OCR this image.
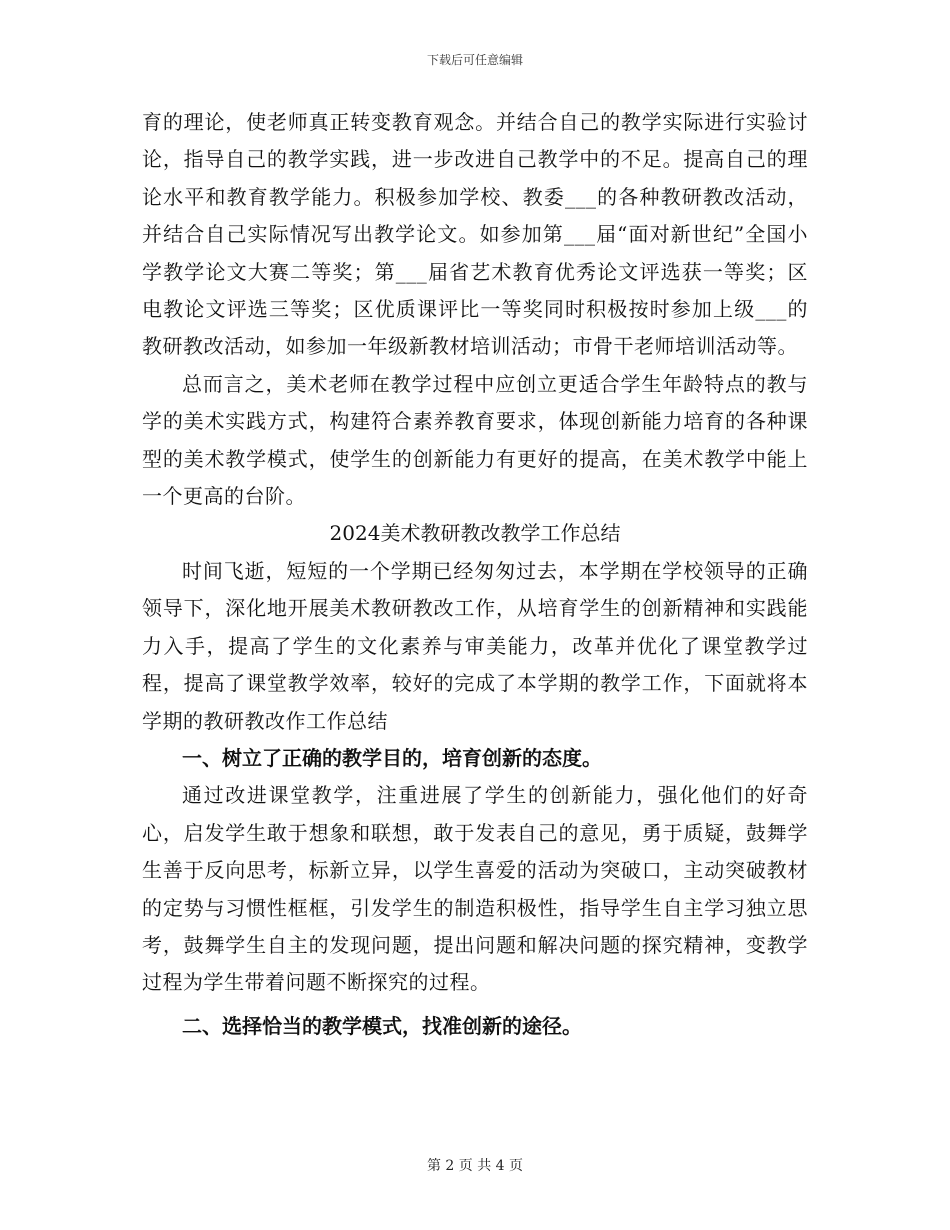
下载后可任意编辑

育的理论，使老师真正转变教育观念。并结合自己的教学实际进行实验讨论，指导自己的教学实践，进一步改进自己教学中的不足。提高自己的理论水平和教育教学能力。积极参加学校、教委___的各种教研教改活动，并结合自己实际情况写出教学论文。如参加第___届“面对新世纪”全国小学教学论文大赛二等奖；第___届省艺术教育优秀论文评选获一等奖；区电教论文评选三等奖；区优质课评比一等奖同时积极按时参加上级___的教研教改活动，如参加一年级新教材培训活动；市骨干老师培训活动等。

总而言之，美术老师在教学过程中应创立更适合学生年龄特点的教与学的美术实践方式，构建符合素养教育要求，体现创新能力培育的各种课型的美术教学模式，使学生的创新能力有更好的提高，在美术教学中能上一个更高的台阶。

2024美术教研教改教学工作总结

时间飞逝，短短的一个学期已经匆匆过去，本学期在学校领导的正确领导下，深化地开展美术教研教改工作，从培育学生的创新精神和实践能力入手，提高了学生的文化素养与审美能力，改革并优化了课堂教学过程，提高了课堂教学效率，较好的完成了本学期的教学工作，下面就将本学期的教研教改作工作总结

一、树立了正确的教学目的，培育创新的态度。

通过改进课堂教学，注重进展了学生的创新能力，强化他们的好奇心，启发学生敢于想象和联想，敢于发表自己的意见，勇于质疑，鼓舞学生善于反向思考，标新立异，以学生喜爱的活动为突破口，主动突破教材的定势与习惯性框框，引发学生的制造积极性，指导学生自主学习独立思考，鼓舞学生自主的发现问题，提出问题和解决问题的探究精神，变教学过程为学生带着问题不断探究的过程。

二、选择恰当的教学模式，找准创新的途径。

第 2 页 共 4 页
